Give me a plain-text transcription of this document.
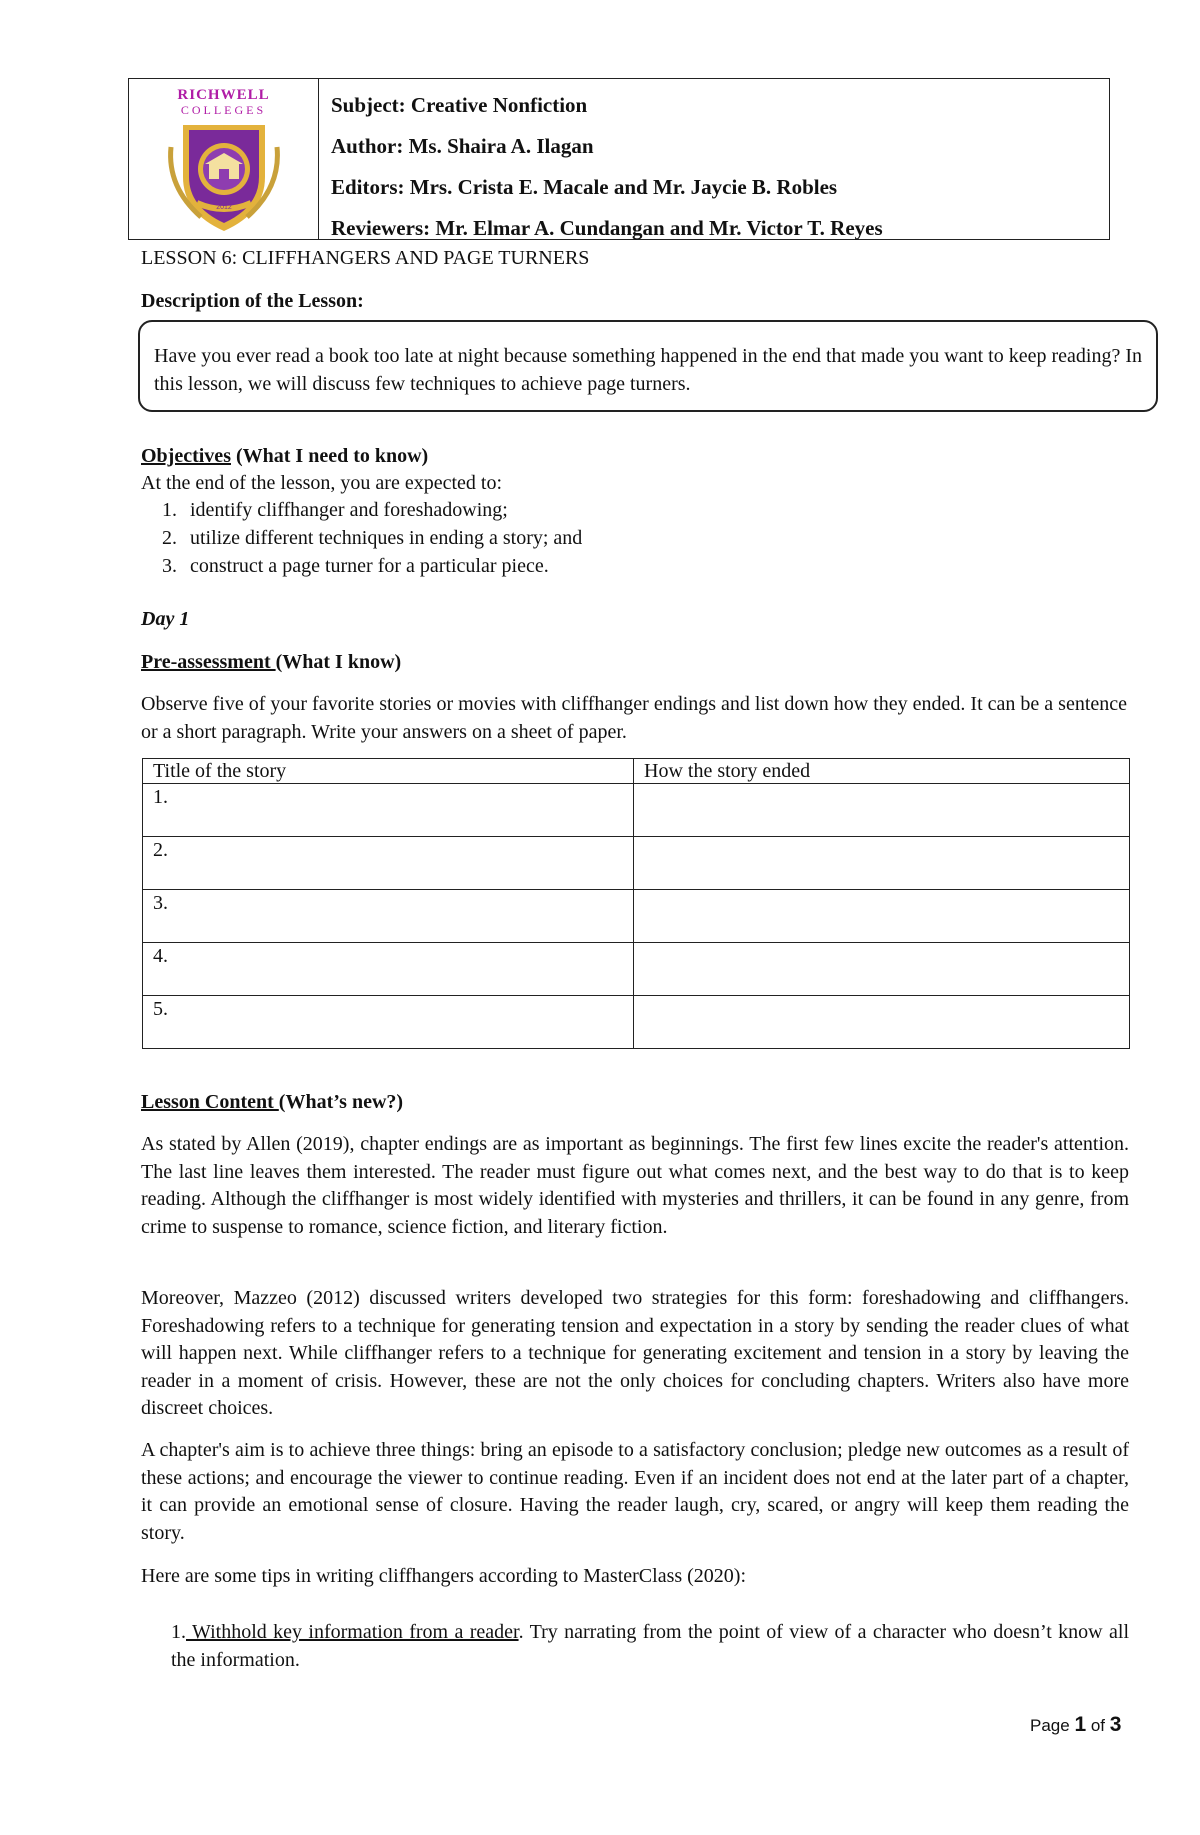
RICHWELL
COLLEGES
2012
Subject: Creative Nonfiction
Author: Ms. Shaira A. Ilagan
Editors: Mrs. Crista E. Macale and Mr. Jaycie B. Robles
Reviewers: Mr. Elmar A. Cundangan and Mr. Victor T. Reyes
LESSON 6: CLIFFHANGERS AND PAGE TURNERS
Description of the Lesson:
Have you ever read a book too late at night because something happened in the end that made you want to keep reading? In this lesson, we will discuss few techniques to achieve page turners.
Objectives (What I need to know)
At the end of the lesson, you are expected to:
1. identify cliffhanger and foreshadowing;
2. utilize different techniques in ending a story; and
3. construct a page turner for a particular piece.
Day 1
Pre-assessment (What I know)
Observe five of your favorite stories or movies with cliffhanger endings and list down how they ended. It can be a sentence or a short paragraph. Write your answers on a sheet of paper.
Title of the story	How the story ended
1.	
2.	
3.	
4.	
5.	
Lesson Content (What’s new?)
As stated by Allen (2019), chapter endings are as important as beginnings. The first few lines excite the reader's attention. The last line leaves them interested. The reader must figure out what comes next, and the best way to do that is to keep reading. Although the cliffhanger is most widely identified with mysteries and thrillers, it can be found in any genre, from crime to suspense to romance, science fiction, and literary fiction.
Moreover, Mazzeo (2012) discussed writers developed two strategies for this form: foreshadowing and cliffhangers. Foreshadowing refers to a technique for generating tension and expectation in a story by sending the reader clues of what will happen next. While cliffhanger refers to a technique for generating excitement and tension in a story by leaving the reader in a moment of crisis. However, these are not the only choices for concluding chapters. Writers also have more discreet choices.
A chapter's aim is to achieve three things: bring an episode to a satisfactory conclusion; pledge new outcomes as a result of these actions; and encourage the viewer to continue reading. Even if an incident does not end at the later part of a chapter, it can provide an emotional sense of closure. Having the reader laugh, cry, scared, or angry will keep them reading the story.
Here are some tips in writing cliffhangers according to MasterClass (2020):
1. Withhold key information from a reader. Try narrating from the point of view of a character who doesn’t know all the information.
Page 1 of 3
